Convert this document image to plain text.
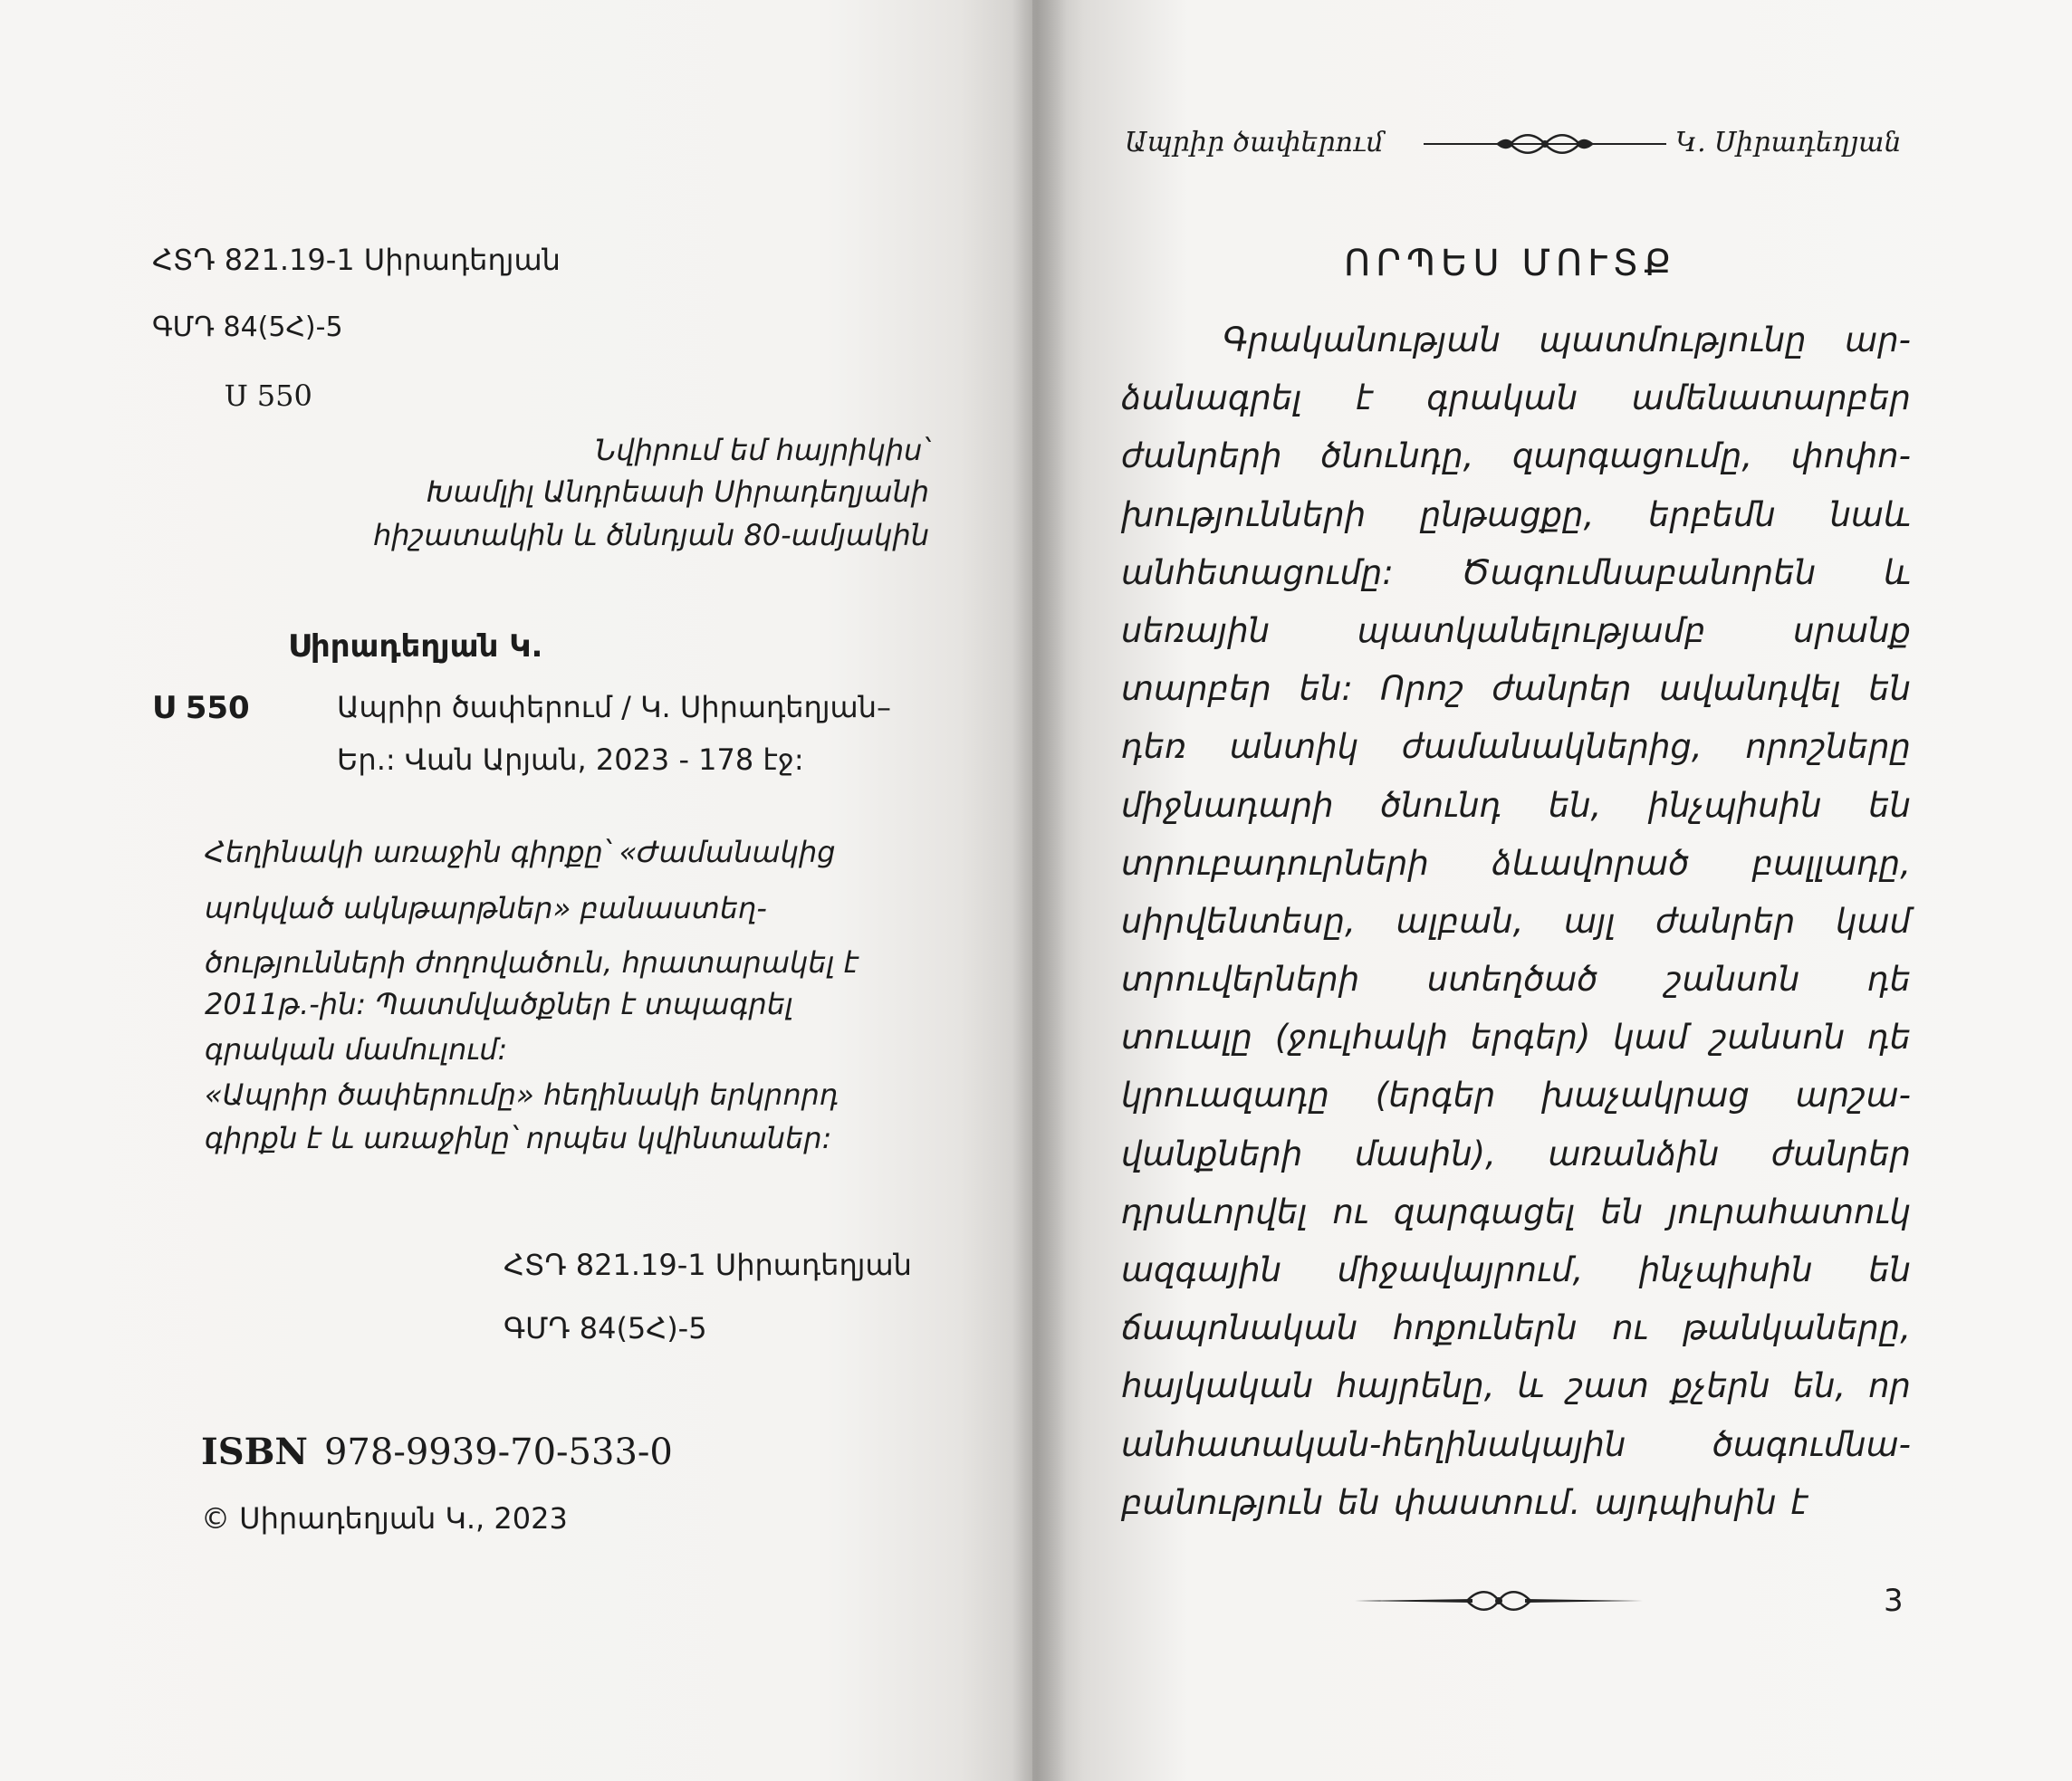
ՀՏԴ 821.19-1 Սիրադեղյան
ԳՄԴ 84(5Հ)-5
Ս 550
Նվիրում եմ հայրիկիս՝
Խամլիլ Անդրեասի Սիրադեղյանի
հիշատակին և ծննդյան 80-ամյակին
Սիրադեղյան Կ.
Ս 550	Ապրիր ծափերում / Կ. Սիրադեղյան–
Եր.: Վան Արյան, 2023 - 178 էջ:
Հեղինակի առաջին գիրքը՝ «Ժամանակից
պոկված ակնթարթներ» բանաստեղ-
ծությունների ժողովածուն, հրատարակել է
2011թ.-ին: Պատմվածքներ է տպագրել
գրական մամուլում:
«Ապրիր ծափերումը» հեղինակի երկրորդ
գիրքն է և առաջինը՝ որպես կվինտաներ:
ՀՏԴ 821.19-1 Սիրադեղյան
ԳՄԴ 84(5Հ)-5
ISBN 978-9939-70-533-0
© Սիրադեղյան Կ., 2023
Ապրիր ծափերում	Կ. Սիրադեղյան
ՈՐՊԵՍ ՄՈՒՏՔ
Գրականության պատմությունը ար-
ձանագրել է գրական ամենատարբեր
ժանրերի ծնունդը, զարգացումը, փոփո-
խությունների ընթացքը, երբեմն նաև
անհետացումը: Ծագումնաբանորեն և
սեռային	պատկանելությամբ	սրանք
տարբեր են: Որոշ ժանրեր ավանդվել են
դեռ անտիկ ժամանակներից, որոշները
միջնադարի ծնունդ են, ինչպիսին են
տրուբադուրների ձևավորած բալլադը,
սիրվենտեսը, ալբան, այլ ժանրեր կամ
տրուվերների ստեղծած շանսոն դե
տուալը (ջուլհակի երգեր) կամ շանսոն դե
կրուազադը (երգեր խաչակրաց արշա-
վանքների մասին), առանձին ժանրեր
դրսևորվել ու զարգացել են յուրահատուկ
ազգային միջավայրում, ինչպիսին են
ճապոնական հոքուներն ու թանկաները,
հայկական հայրենը, և շատ քչերն են, որ
անհատական-հեղինակային	ծագումնա-
բանություն են փաստում. այդպիսին է
3
